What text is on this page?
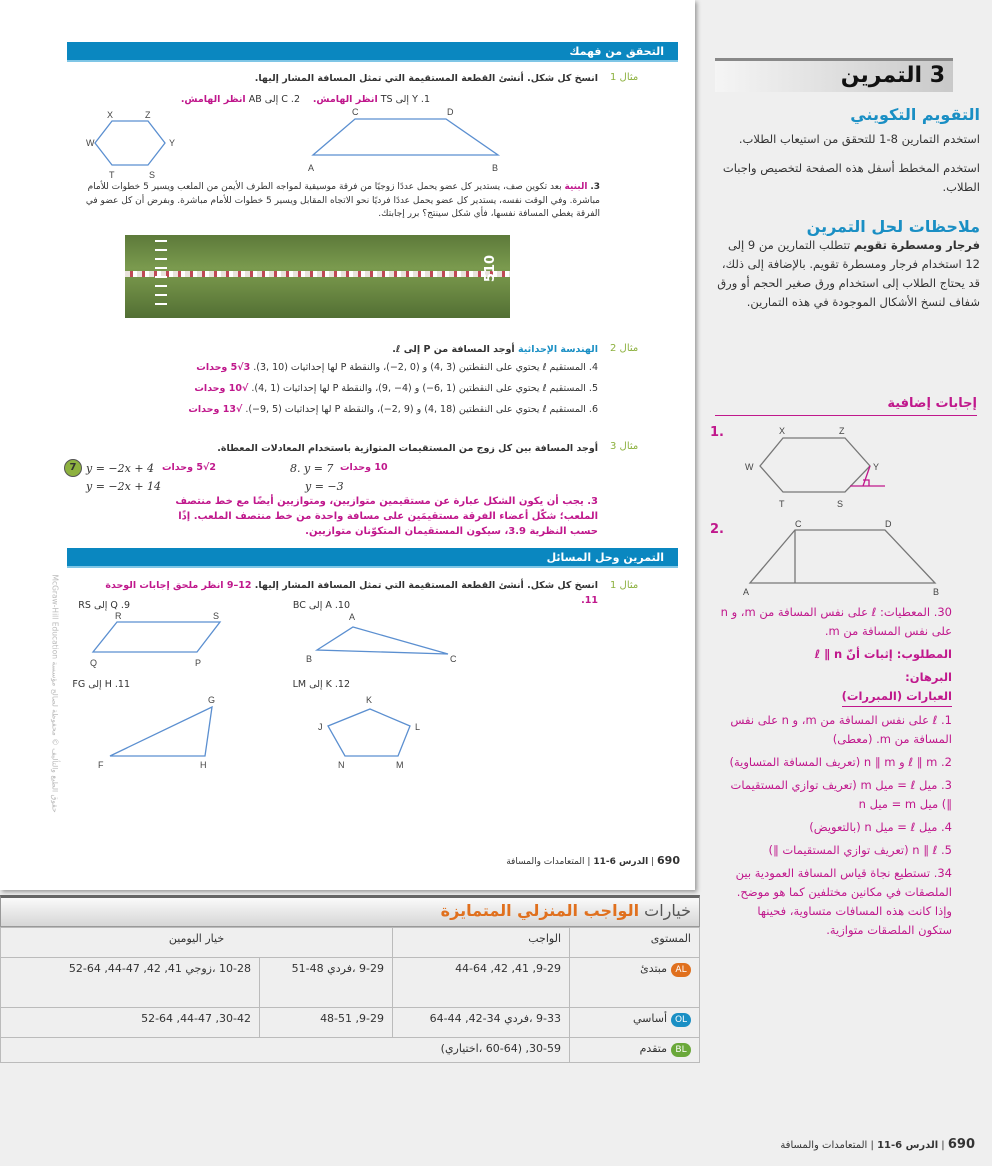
التحقق من فهمك
مثال 1
انسخ كل شكل. أنشئ القطعة المستقيمة التي تمثل المسافة المشار إليها.
1. Y إلى TS انظر الهامش.
2. C إلى AB انظر الهامش.
X	Z
W	Y
T	S
C	D
A	B
3. البنية بعد تكوين صف، يستدير كل عضو يحمل عددًا زوجيًا من فرقة موسيقية لمواجه الطرف الأيمن من الملعب ويسير 5 خطوات للأمام مباشرة. وفي الوقت نفسه، يستدير كل عضو يحمل عددًا فرديًا نحو الاتجاه المقابل ويسير 5 خطوات للأمام مباشرة. وبفرض أن كل عضو في الفرقة يغطي المسافة نفسها، فأي شكل سينتج؟ برر إجابتك.
510
مثال 2
الهندسة الإحداثية أوجد المسافة من P إلى ℓ.
4. المستقيم ℓ يحتوي على النقطتين (3 ,4) و (0 ,2−)، والنقطة P لها إحداثيات (10 ,3). 3√5 وحدات
5. المستقيم ℓ يحتوي على النقطتين (1 ,6−) و (4− ,9)، والنقطة P لها إحداثيات (1 ,4). √10 وحدات
6. المستقيم ℓ يحتوي على النقطتين (18 ,4) و (9 ,2−)، والنقطة P لها إحداثيات (5 ,9−). √13 وحدات
مثال 3
أوجد المسافة بين كل زوج من المستقيمات المتوازية باستخدام المعادلات المعطاة.
7 y = −2x + 4 2√5 وحدات
y = −2x + 14
8. y = 7 10 وحدات
y = −3
3. يجب أن يكون الشكل عبارة عن مستقيمين متوازيين، ومتوازيين أيضًا مع خط منتصف الملعب؛ شكّل أعضاء الفرقة مستقيمَين على مسافة واحدة من خط منتصف الملعب. إذًا حسب النظرية 3.9، سيكون المستقيمان المتكوّنان متوازيين.
التمرين وحل المسائل
مثال 1
انسخ كل شكل. أنشئ القطعة المستقيمة التي تمثل المسافة المشار إليها. 12–9 انظر ملحق إجابات الوحدة 11.
9. Q إلى RS	10. A إلى BC
R	S
Q	P
A
B	C
11. H إلى FG	12. K إلى LM
G
F	H
K
J	L
N	M
McGraw-Hill Education حقوق الطبع والتأليف © محفوظة لصالح مؤسسة
690 | الدرس 6-11 | المتعامدات والمسافة
3 التمرين
التقويم التكويني

استخدم التمارين 8-1 للتحقق من استيعاب الطلاب.

استخدم المخطط أسفل هذه الصفحة لتخصيص واجبات الطلاب.

ملاحظات لحل التمرين

فرجار ومسطرة تقويم تتطلب التمارين من 9 إلى 12 استخدام فرجار ومسطرة تقويم. بالإضافة إلى ذلك، قد يحتاج الطلاب إلى استخدام ورق صغير الحجم أو ورق شفاف لنسخ الأشكال الموجودة في هذه التمارين.

إجابات إضافية
1.	X	Z
W	Y
T	S
2.	C	D
A	B
30. المعطيات: ℓ على نفس المسافة من m، و n على نفس المسافة من m.
المطلوب: إثبات أنّ ℓ ∥ n
البرهان:
العبارات (المبررات)
1. ℓ على نفس المسافة من m، و n على نفس المسافة من m. (معطى)
2. ℓ ∥ m و n ∥ m (تعريف المسافة المتساوية)
3. ميل ℓ = ميل m (تعريف توازي المستقيمات ∥) ميل m = ميل n
4. ميل ℓ = ميل n (بالتعويض)
5. n ∥ ℓ (تعريف توازي المستقيمات ∥)
34. تستطيع نجاة قياس المسافة العمودية بين الملصقات في مكانين مختلفين كما هو موضح. وإذا كانت هذه المسافات متساوية، فحينها ستكون الملصقات متوازية.
690 | الدرس 6-11 | المتعامدات والمسافة
خيارات الواجب المنزلي المتمايزة
المستوى	الواجب	خيار اليومين	
ALمبتدئ	9-29, 41, 42, 44-64	9-29 ،فردي 48-51	10-28 ،زوجي 41, 42, 47-44, 64-52
OLأساسي	9-33 ،فردي 34-42, 44-64	9-29, 48-51	30-42, 44-47, 52-64
BLمتقدم	30-59, (60-64 ،اختياري)		
